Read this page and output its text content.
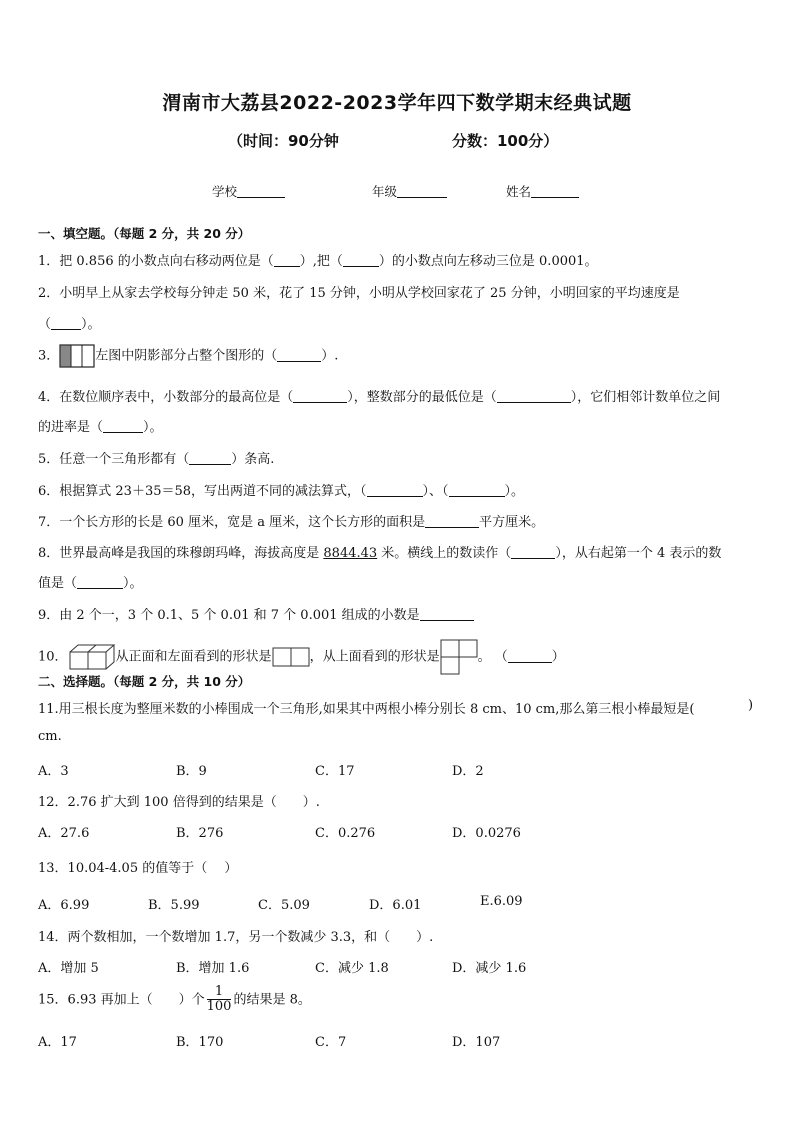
渭南市大荔县2022-2023学年四下数学期末经典试题
（时间：90分钟	分数：100分）
学校	年级	姓名
一、填空题。（每题 2 分，共 20 分）
1．把 0.856 的小数点向右移动两位是（ ）,把（	）的小数点向左移动三位是 0.0001。
2．小明早上从家去学校每分钟走 50 米，花了 15 分钟，小明从学校回家花了 25 分钟，小明回家的平均速度是
（ ）。
3．	左图中阴影部分占整个图形的（	）.
4．在数位顺序表中，小数部分的最高位是（	），整数部分的最低位是（	），它们相邻计数单位之间
的进率是（	）。
5．任意一个三角形都有（	）条高.
6．根据算式 23＋35＝58，写出两道不同的减法算式，（	）、（	）。
7．一个长方形的长是 60 厘米，宽是 a 厘米，这个长方形的面积是	平方厘米。
8．世界最高峰是我国的珠穆朗玛峰，海拔高度是 8844.43 米。横线上的数读作（	），从右起第一个 4 表示的数
值是（	）。
9．由 2 个一，3 个 0.1、5 个 0.01 和 7 个 0.001 组成的小数是
10．	从正面和左面看到的形状是	，从上面看到的形状是	。 （	）
二、选择题。（每题 2 分，共 10 分）
11.用三根长度为整厘米数的小棒围成一个三角形,如果其中两根小棒分别长 8 cm、10 cm,那么第三根小棒最短是(	)
cm.
A．3	B．9	C．17	D．2
12．2.76 扩大到 100 倍得到的结果是（　　）.
A．27.6	B．276	C．0.276	D．0.0276
13．10.04-4.05 的值等于（　 ）
A．6.99	B．5.99	C．5.09	D．6.01	E.6.09
14．两个数相加，一个数增加 1.7，另一个数减少 3.3，和（　　）.
A．增加 5	B．增加 1.6	C．减少 1.8	D．减少 1.6
15．6.93 再加上（　　）个 $\frac{1}{100}$ 的结果是 8。
A．17	B．170	C．7	D．107
